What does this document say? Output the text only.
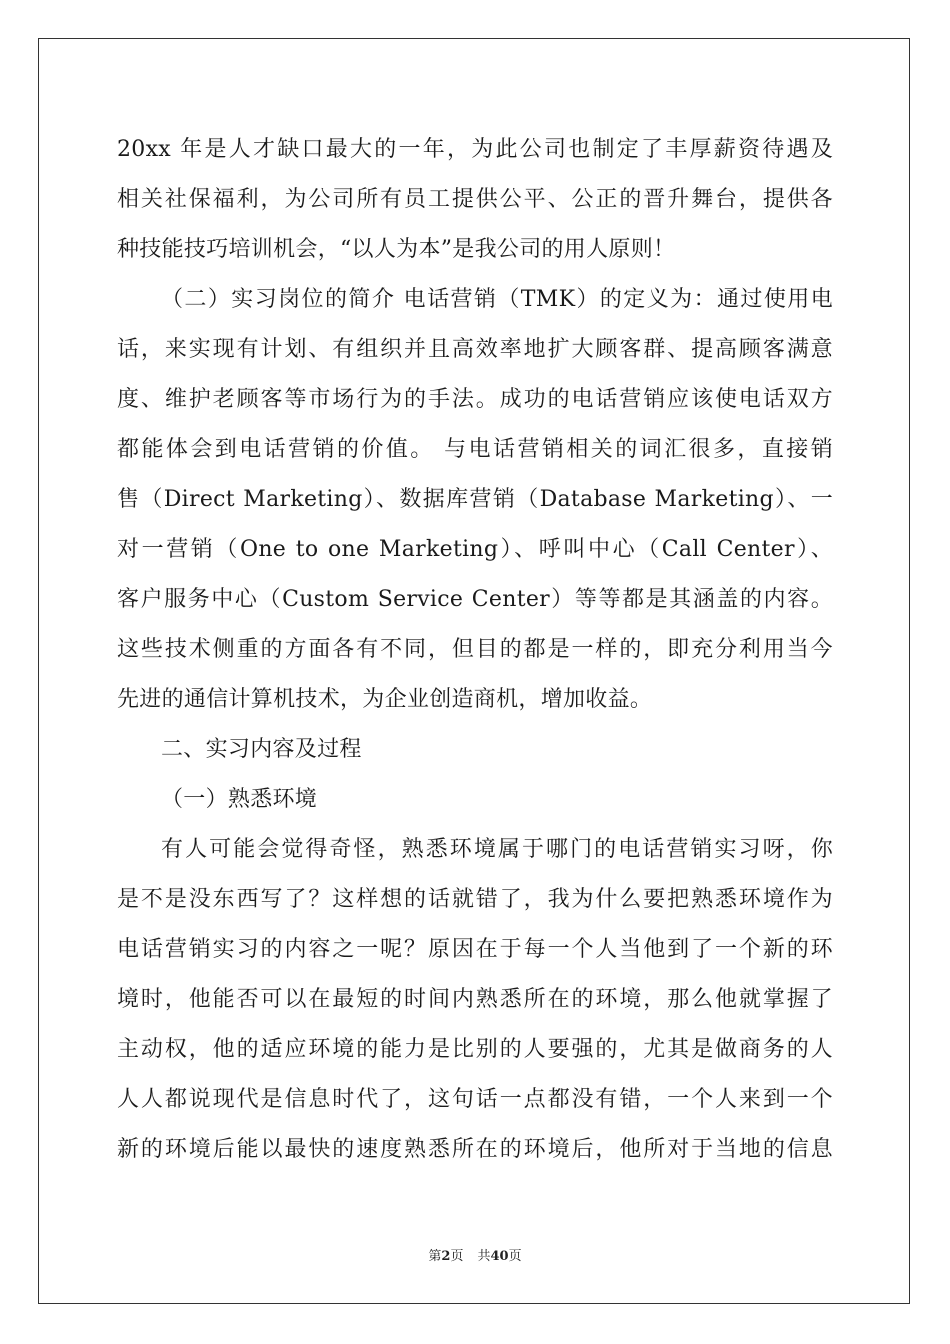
20xx 年是人才缺口最大的一年，为此公司也制定了丰厚薪资待遇及
相关社保福利，为公司所有员工提供公平、公正的晋升舞台，提供各
种技能技巧培训机会，“以人为本”是我公司的用人原则！
（二）实习岗位的简介 电话营销（TMK）的定义为：通过使用电
话，来实现有计划、有组织并且高效率地扩大顾客群、提高顾客满意
度、维护老顾客等市场行为的手法。成功的电话营销应该使电话双方
都能体会到电话营销的价值。 与电话营销相关的词汇很多，直接销
售（Direct Marketing）、数据库营销（Database Marketing）、一
对一营销（One to one Marketing）、呼叫中心（Call Center）、
客户服务中心（Custom Service Center）等等都是其涵盖的内容。
这些技术侧重的方面各有不同，但目的都是一样的，即充分利用当今
先进的通信计算机技术，为企业创造商机，增加收益。
二、实习内容及过程
（一）熟悉环境
有人可能会觉得奇怪，熟悉环境属于哪门的电话营销实习呀，你
是不是没东西写了？这样想的话就错了，我为什么要把熟悉环境作为
电话营销实习的内容之一呢？原因在于每一个人当他到了一个新的环
境时，他能否可以在最短的时间内熟悉所在的环境，那么他就掌握了
主动权，他的适应环境的能力是比别的人要强的，尤其是做商务的人
人人都说现代是信息时代了，这句话一点都没有错，一个人来到一个
新的环境后能以最快的速度熟悉所在的环境后，他所对于当地的信息
第2页 共40页
